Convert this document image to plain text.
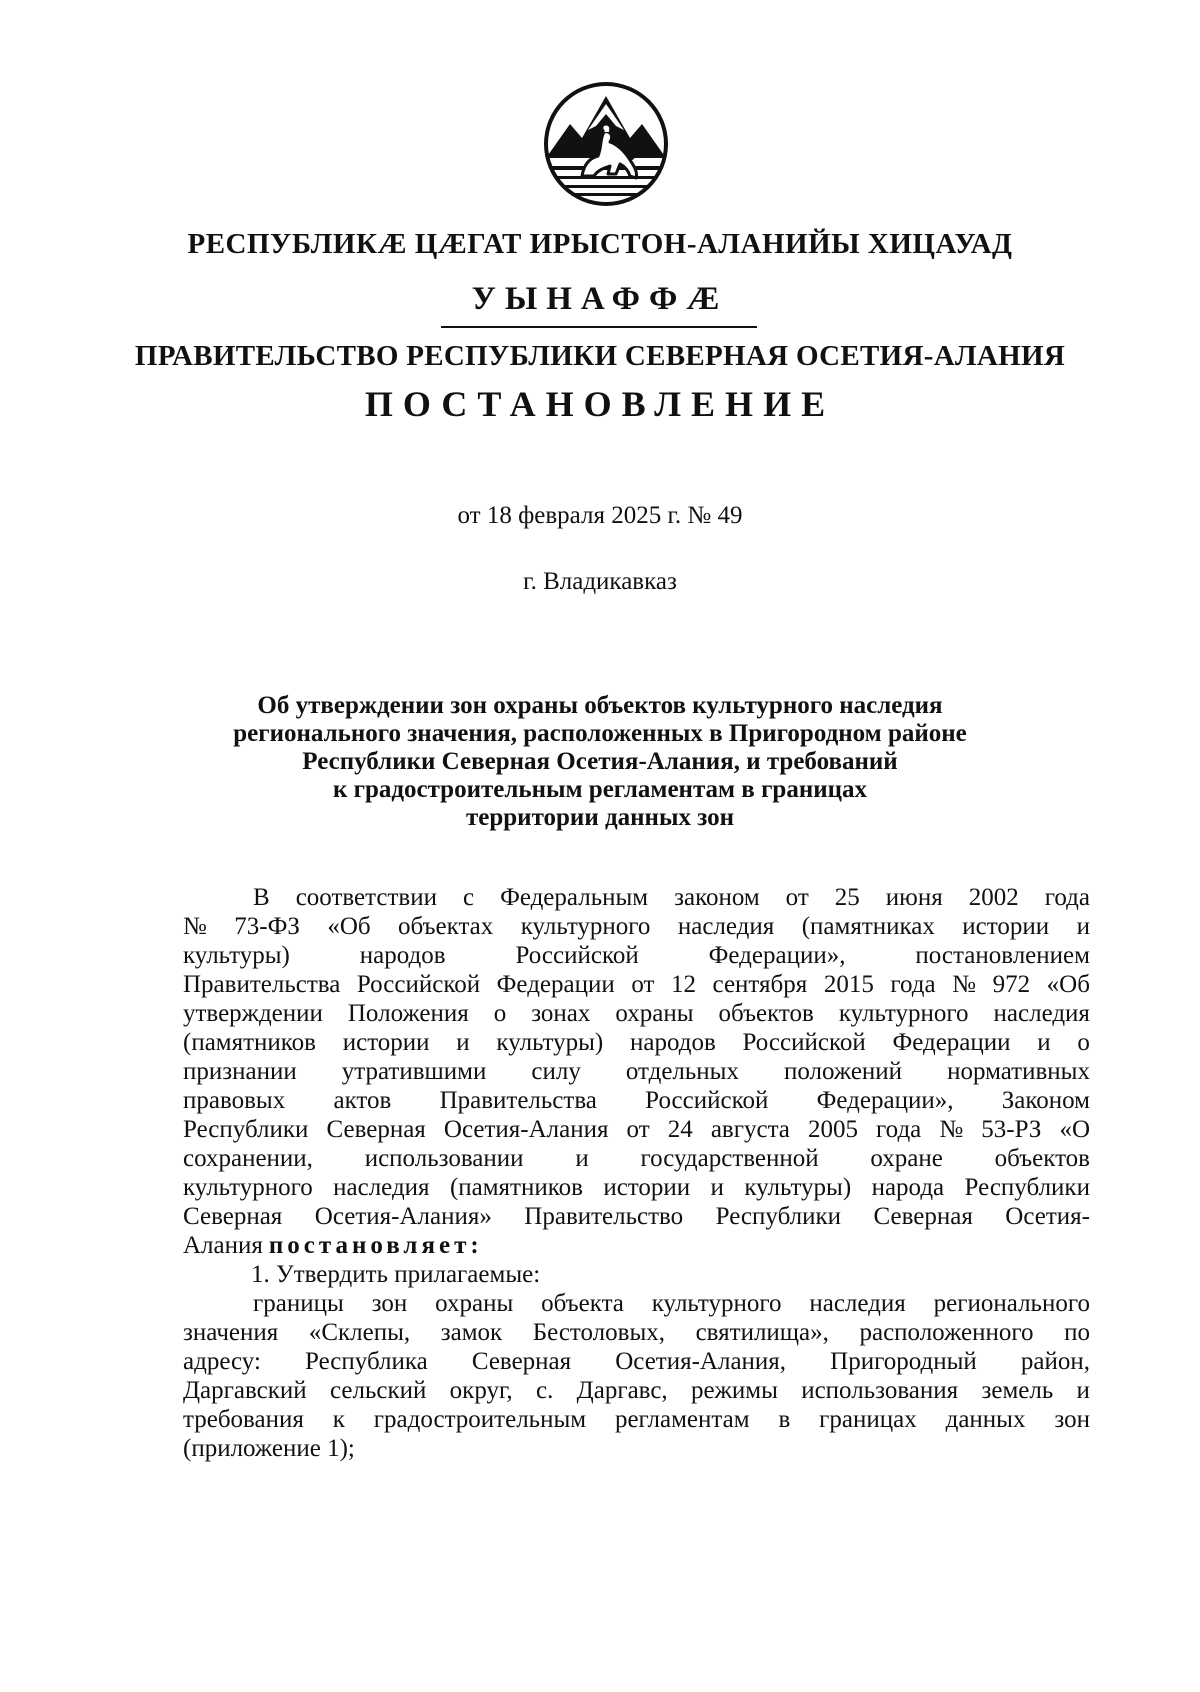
РЕСПУБЛИКӔ ЦӔГАТ ИРЫСТОН-АЛАНИЙЫ ХИЦАУАД
УЫНАФФӔ
ПРАВИТЕЛЬСТВО РЕСПУБЛИКИ СЕВЕРНАЯ ОСЕТИЯ-АЛАНИЯ
ПОСТАНОВЛЕНИЕ
от 18 февраля 2025 г. № 49
г. Владикавказ
Об утверждении зон охраны объектов культурного наследия
регионального значения, расположенных в Пригородном районе
Республики Северная Осетия-Алания, и требований
к градостроительным регламентам в границах
территории данных зон
В соответствии с Федеральным законом от 25 июня 2002 года
№ 73-ФЗ «Об объектах культурного наследия (памятниках истории и
культуры)	народов	Российской	Федерации»,	постановлением
Правительства Российской Федерации от 12 сентября 2015 года № 972 «Об
утверждении Положения о зонах охраны объектов культурного наследия
(памятников истории и культуры) народов Российской Федерации и о
признании утратившими силу отдельных положений нормативных
правовых актов Правительства Российской Федерации», Законом
Республики Северная Осетия-Алания от 24 августа 2005 года № 53-РЗ «О
сохранении, использовании и государственной охране объектов
культурного наследия (памятников истории и культуры) народа Республики
Северная Осетия-Алания» Правительство Республики Северная Осетия-
Алания постановляет:
1. Утвердить прилагаемые:
границы зон охраны объекта культурного наследия регионального
значения «Склепы, замок Бестоловых, святилища», расположенного по
адресу: Республика Северная Осетия-Алания, Пригородный район,
Даргавский сельский округ, с. Даргавс, режимы использования земель и
требования к градостроительным регламентам в границах данных зон
(приложение 1);
